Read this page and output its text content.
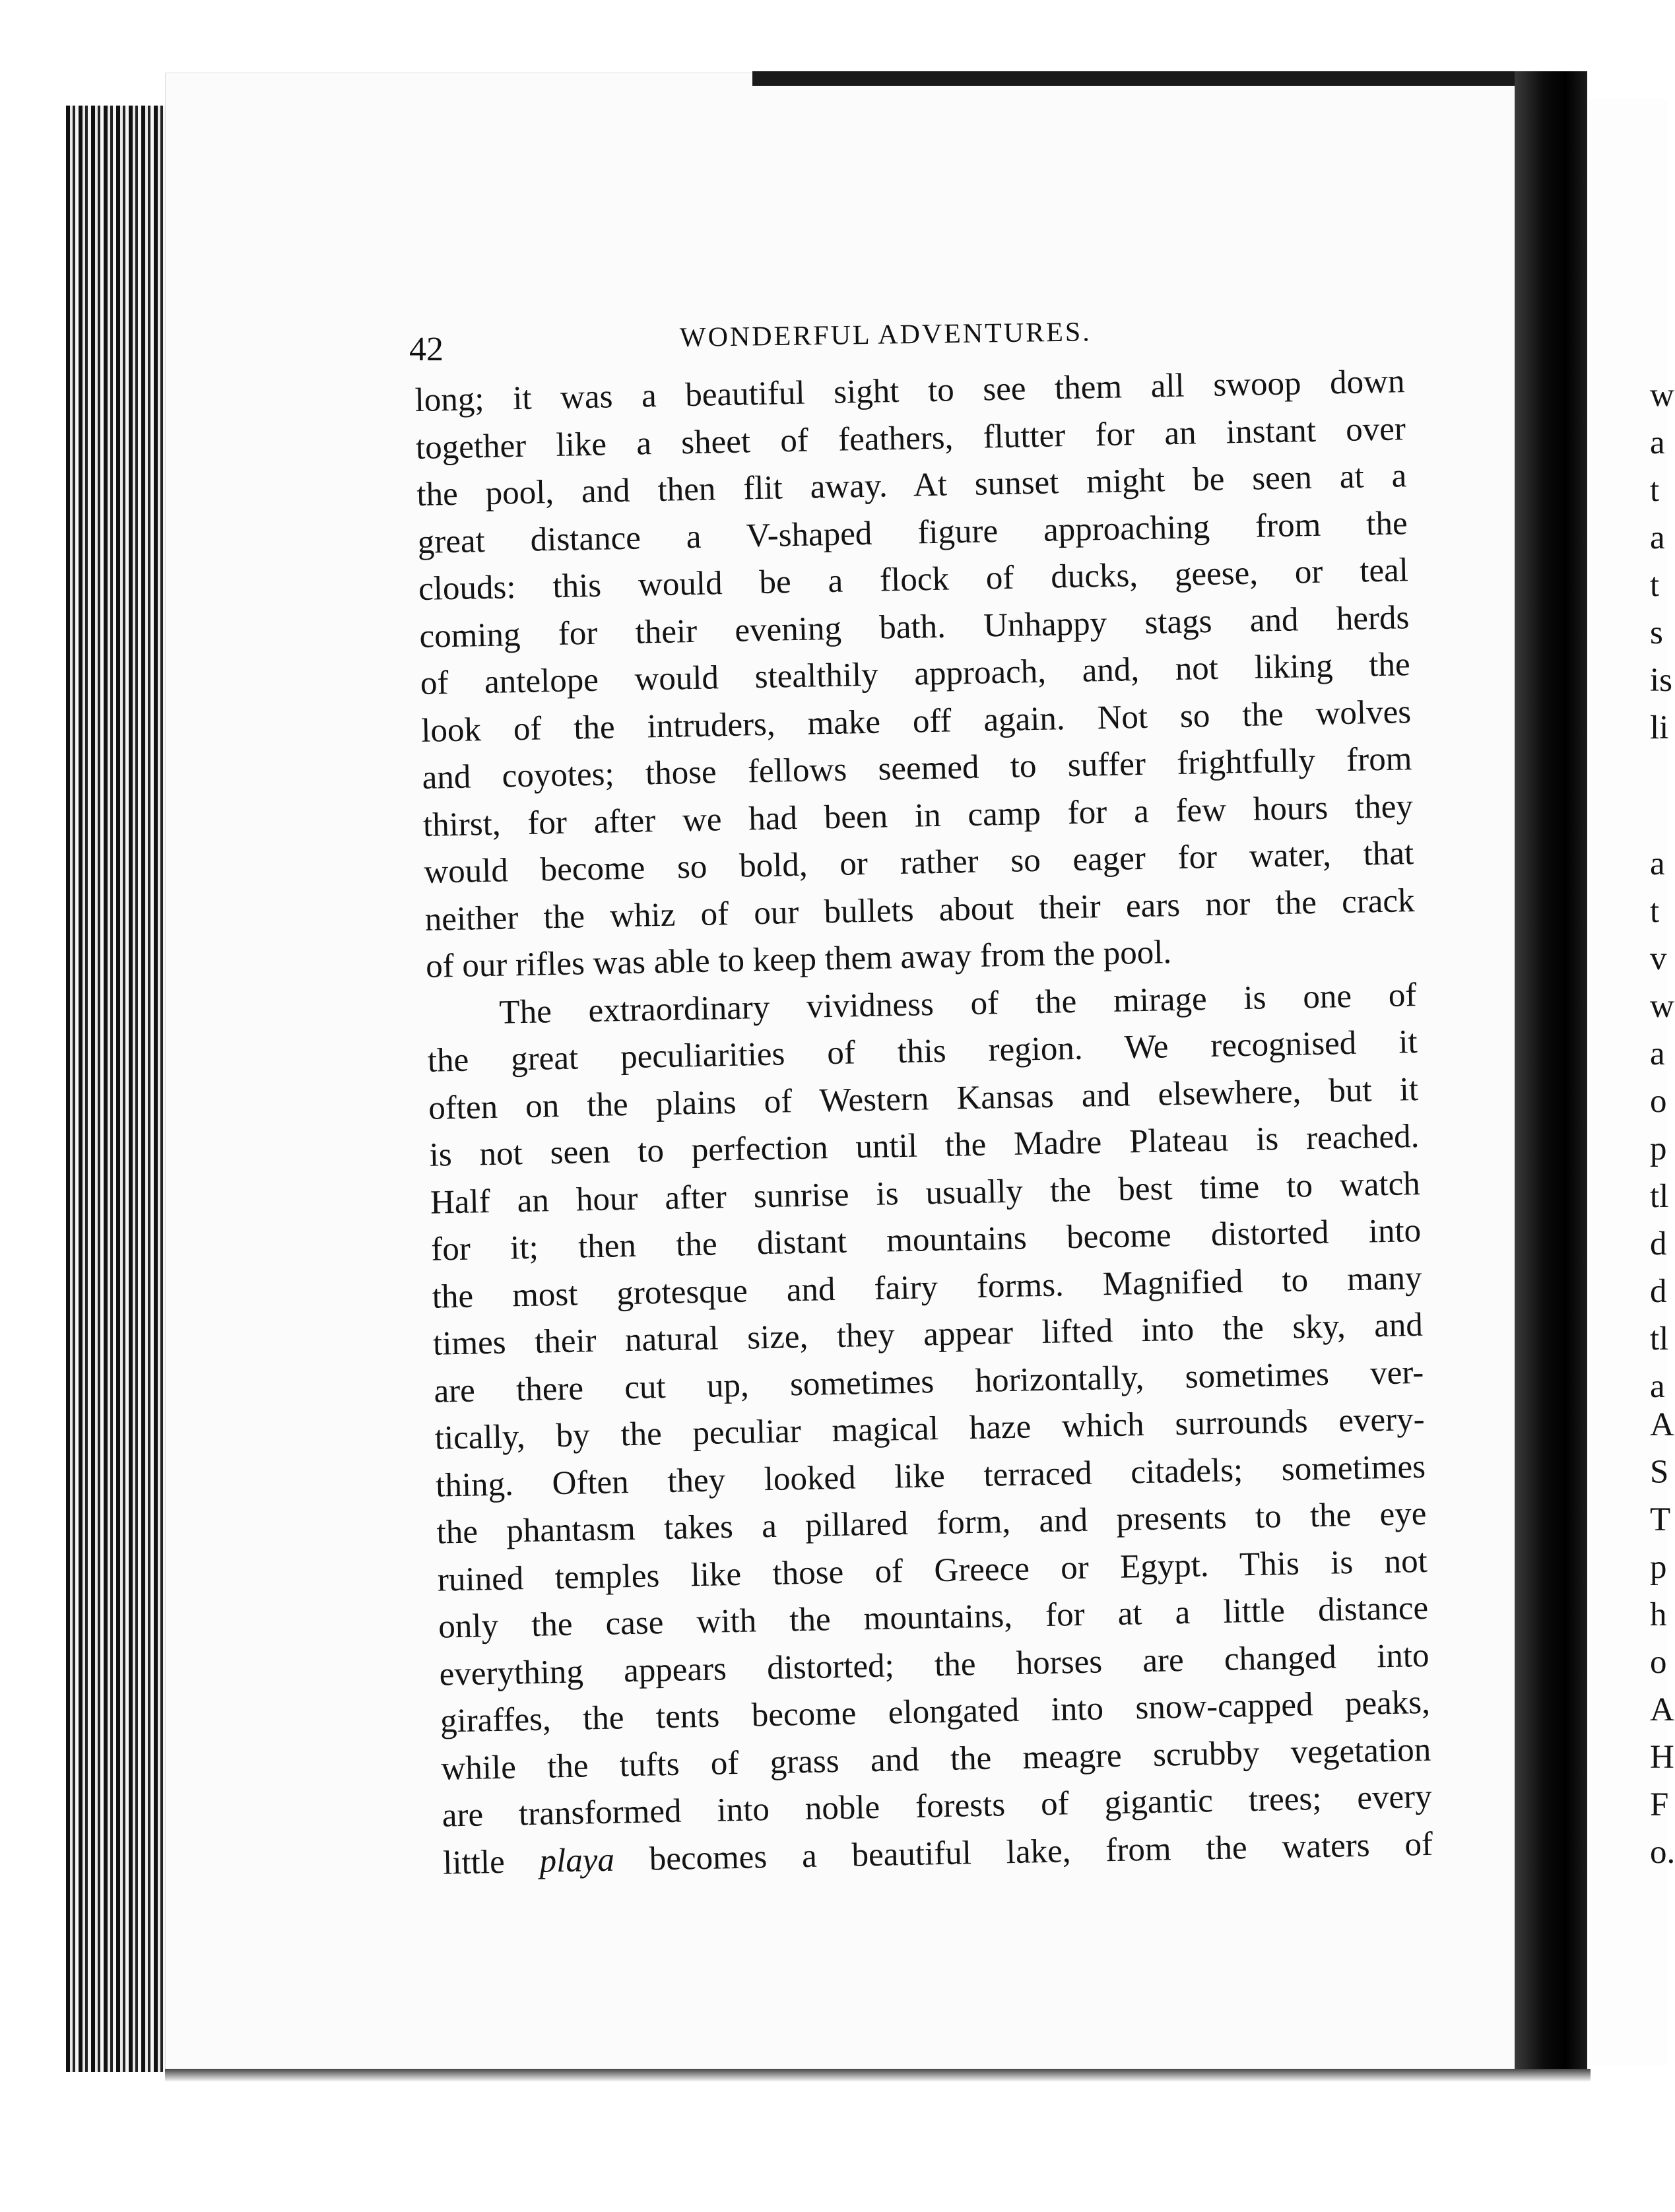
42	WONDERFUL ADVENTURES.
long; it was a beautiful sight to see them all swoop down
together like a sheet of feathers, flutter for an instant over
the pool, and then flit away. At sunset might be seen at a
great distance a V-shaped figure approaching from the
clouds: this would be a flock of ducks, geese, or teal
coming for their evening bath. Unhappy stags and herds
of antelope would stealthily approach, and, not liking the
look of the intruders, make off again. Not so the wolves
and coyotes; those fellows seemed to suffer frightfully from
thirst, for after we had been in camp for a few hours they
would become so bold, or rather so eager for water, that
neither the whiz of our bullets about their ears nor the crack
of our rifles was able to keep them away from the pool.
The extraordinary vividness of the mirage is one of
the great peculiarities of this region. We recognised it
often on the plains of Western Kansas and elsewhere, but it
is not seen to perfection until the Madre Plateau is reached.
Half an hour after sunrise is usually the best time to watch
for it; then the distant mountains become distorted into
the most grotesque and fairy forms. Magnified to many
times their natural size, they appear lifted into the sky, and
are there cut up, sometimes horizontally, sometimes ver-
tically, by the peculiar magical haze which surrounds every-
thing. Often they looked like terraced citadels; sometimes
the phantasm takes a pillared form, and presents to the eye
ruined temples like those of Greece or Egypt. This is not
only the case with the mountains, for at a little distance
everything appears distorted; the horses are changed into
giraffes, the tents become elongated into snow-capped peaks,
while the tufts of grass and the meagre scrubby vegetation
are transformed into noble forests of gigantic trees; every
little playa becomes a beautiful lake, from the waters of
w
a
t
a
t
s
is
li
a
t
v
w
a
o
p
tl
d
d
tl
a
A
S
T
p
h
o
A
H
F
o.
